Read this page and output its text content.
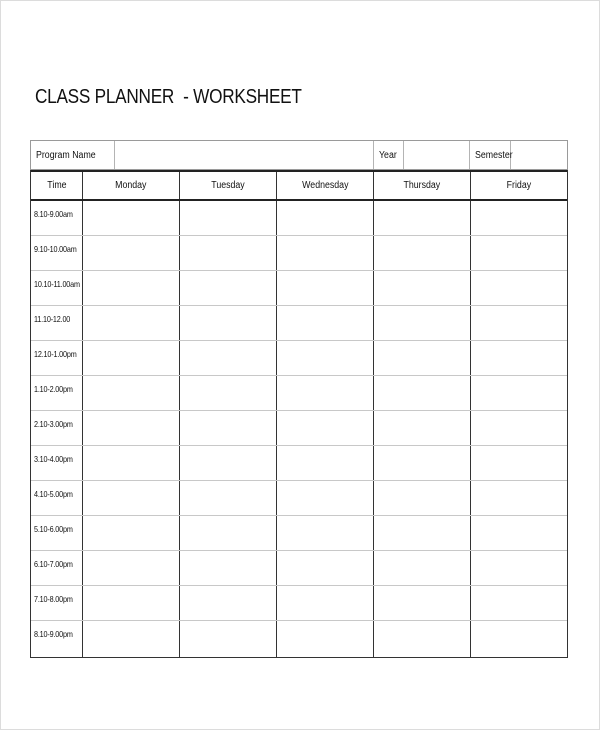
CLASS PLANNER  - WORKSHEET
Program Name	Year	Semester
Time	Monday	Tuesday	Wednesday	Thursday	Friday
8.10-9.00am
9.10-10.00am
10.10-11.00am
11.10-12.00
12.10-1.00pm
1.10-2.00pm
2.10-3.00pm
3.10-4.00pm
4.10-5.00pm
5.10-6.00pm
6.10-7.00pm
7.10-8.00pm
8.10-9.00pm
